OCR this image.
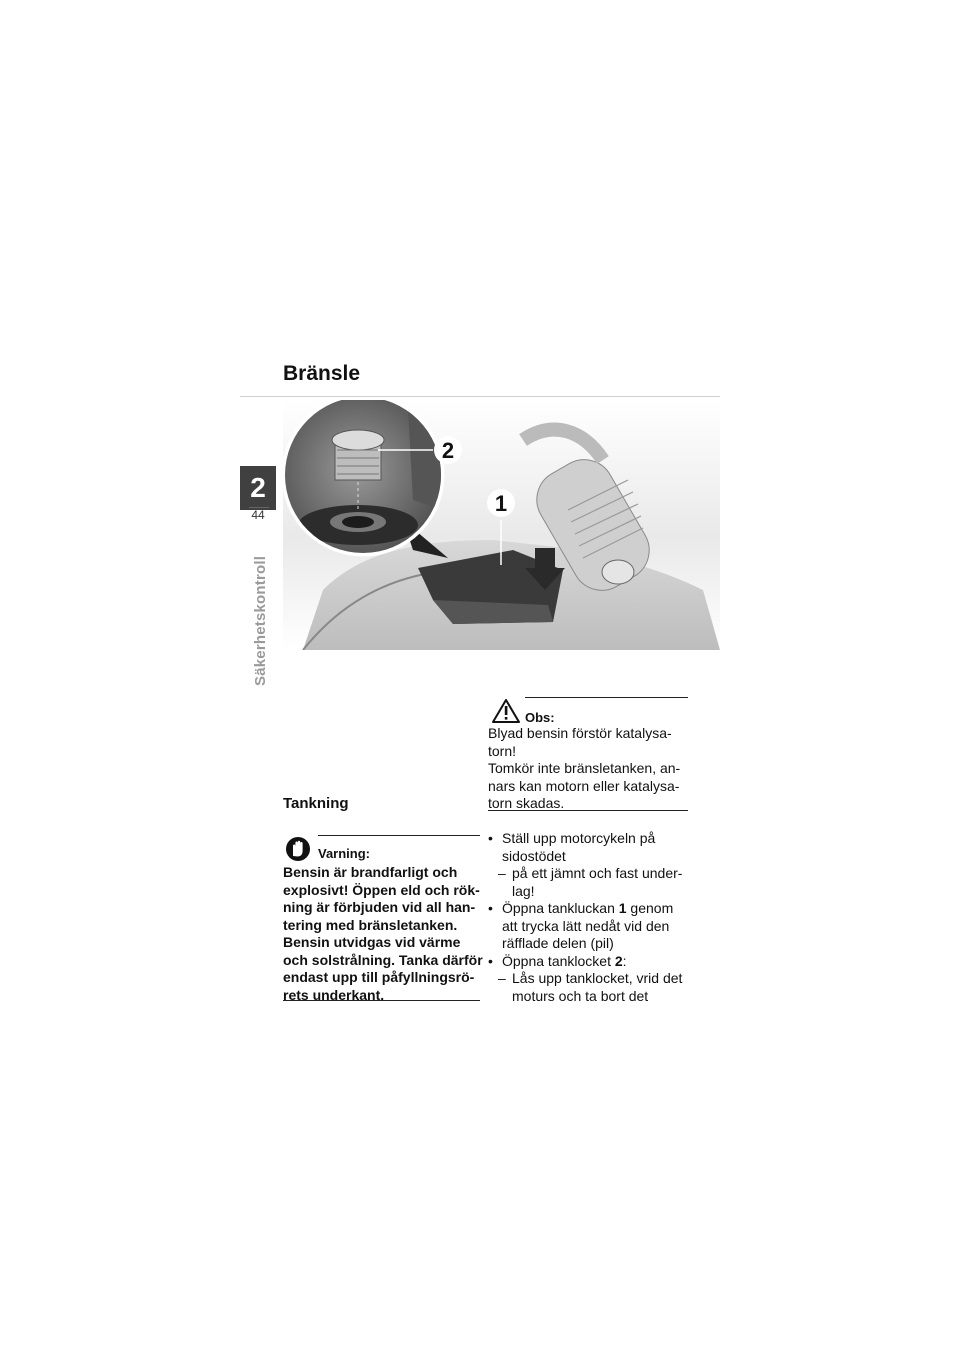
Bränsle
2
44
Säkerhetskontroll
2
1
Obs:

Blyad bensin förstör katalysa-

torn!

Tomkör inte bränsletanken, an-

nars kan motorn eller katalysa-

torn skadas.

Tankning
Varning:

Bensin är brandfarligt och

explosivt! Öppen eld och rök-

ning är förbjuden vid all han-

tering med bränsletanken.

Bensin utvidgas vid värme

och solstrålning. Tanka därför

endast upp till påfyllningsrö-

rets underkant.

• Ställ upp motorcykeln på
sidostödet
– på ett jämnt och fast under-
lag!
• Öppna tankluckan 1 genom
att trycka lätt nedåt vid den
räfflade delen (pil)
• Öppna tanklocket 2:
– Lås upp tanklocket, vrid det
moturs och ta bort det
